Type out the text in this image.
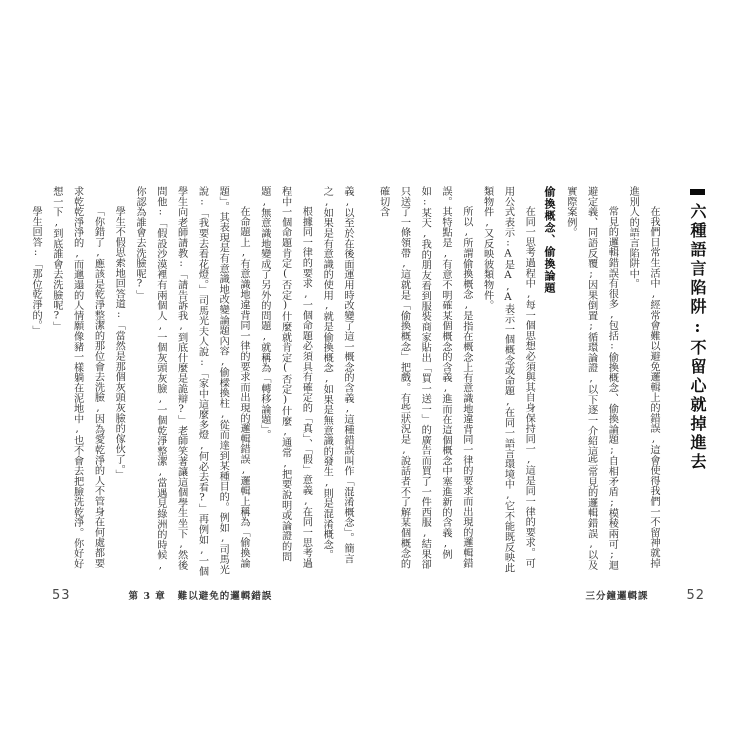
六種語言陷阱:不留心就掉進去

在我們日常生活中,經常會難以避免邏輯上的錯誤,這會使得我們一不留神就掉進別人的語言陷阱中。

常見的邏輯錯誤有很多,包括:偷換概念、偷換論題;自相矛盾;模稜兩可;迴避定義、同語反覆;因果倒置;循環論證,以下逐一介紹這些常見的邏輯錯誤,以及實際案例。

偷換概念、偷換論題

在同一思考過程中,每一個思想必須與其自身保持同一,這是同一律的要求。可用公式表示:A是A,A表示一個概念或命題,在同一語言環境中,它不能既反映此類物件,又反映彼類物件。

所以,所謂偷換概念,是指在概念上有意識地違背同一律的要求而出現的邏輯錯誤。其特點是,有意不明確某個概念的含義,進而在這個概念中塞進新的含義,例如:某天,我的朋友看到服裝商家貼出「買一送一」的廣告而買了一件西服,結果卻只送了一條領帶,這就是「偷換概念」把戲。有些狀況是,說話者不了解某個概念的確切含

三分鐘邏輯課	52

義,以至於在後面運用時改變了這一概念的含義,這種錯誤叫作「混淆概念」。簡言之,如果是有意識的使用,就是偷換概念,如果是無意識的發生,則是混淆概念。

根據同一律的要求,一個命題必須具有確定的「真」、「假」意義,在同一思考過程中一個命題肯定(否定)什麼就肯定(否定)什麼,通常,把要說明或論證的問題,無意識地變成了另外的問題,就稱為「轉移論題」。

在命題上,有意識地違背同一律的要求而出現的邏輯錯誤,邏輯上稱為「偷換論題」。其表現是有意識地改變論題內容,偷樑換柱,從而達到某種目的。例如,司馬光說:「我要去看花燈。」司馬光夫人說:「家中這麼多燈,何必去看?」再例如,一個學生向老師請教:「請告訴我,到底什麼是詭辯?」老師笑著讓這個學生坐下,然後問他:「假設沙漠裡有兩個人,一個灰頭灰臉,一個乾淨整潔,當遇見綠洲的時候,你認為誰會去洗臉呢?」

學生不假思索地回答道:「當然是那個灰頭灰臉的傢伙了。」

「你錯了,應該是乾淨整潔的那位會去洗臉,因為愛乾淨的人不管身在何處都要求乾乾淨淨的,而邋遢的人情願像豬一樣躺在泥地中,也不會去把臉洗乾淨。你好好想一下,到底誰會去洗臉呢?」

學生回答:「那位乾淨的。」

53	第 3 章 難以避免的邏輯錯誤
